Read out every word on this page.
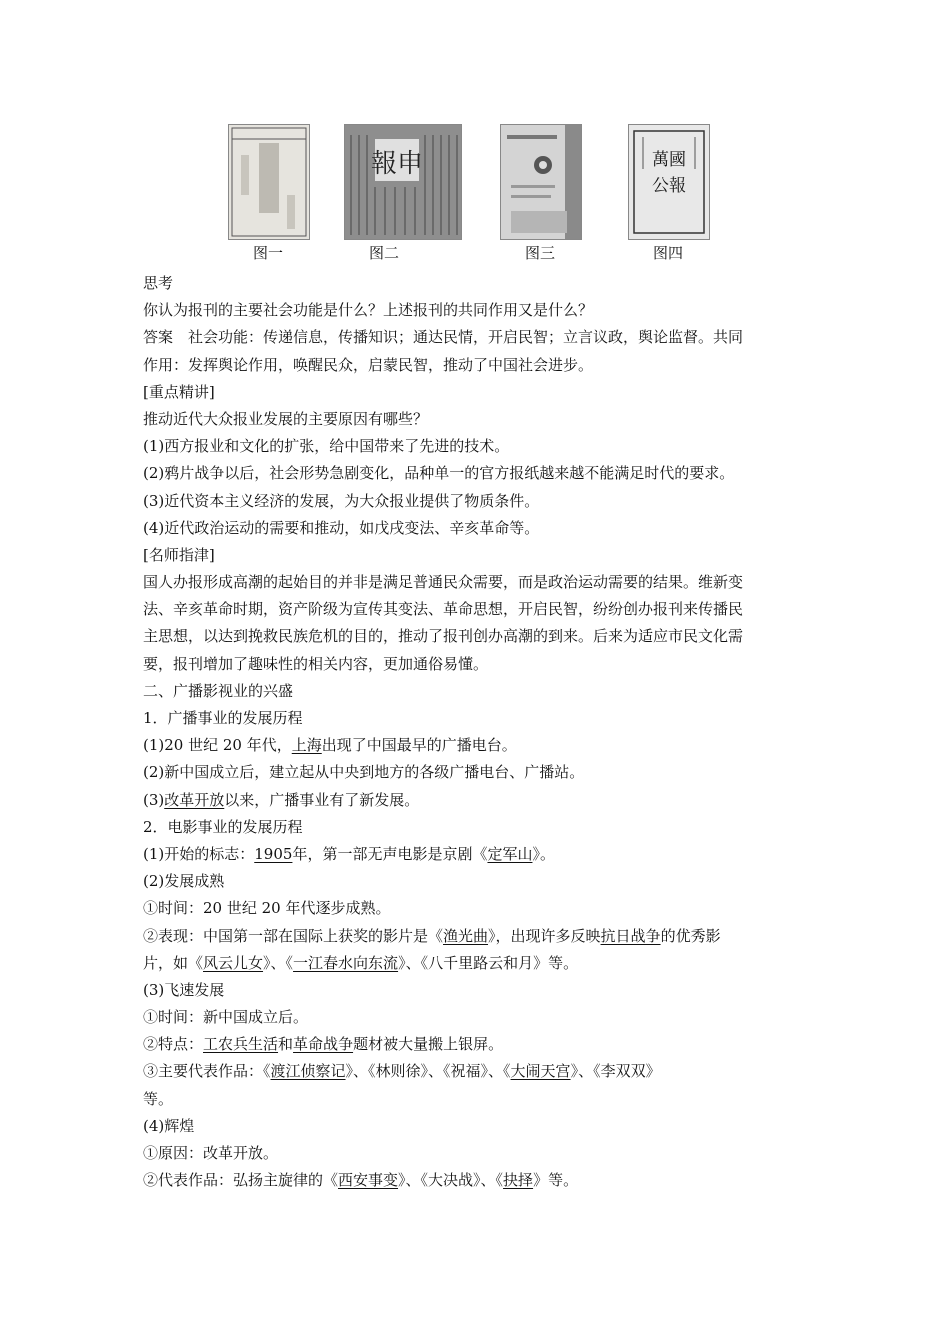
图一
報申
图二	图三
萬國
公報
图四
思考
你认为报刊的主要社会功能是什么？上述报刊的共同作用又是什么？
答案　社会功能：传递信息，传播知识；通达民情，开启民智；立言议政，舆论监督。共同
作用：发挥舆论作用，唤醒民众，启蒙民智，推动了中国社会进步。
[重点精讲]
推动近代大众报业发展的主要原因有哪些？
(1)西方报业和文化的扩张，给中国带来了先进的技术。
(2)鸦片战争以后，社会形势急剧变化，品种单一的官方报纸越来越不能满足时代的要求。
(3)近代资本主义经济的发展，为大众报业提供了物质条件。
(4)近代政治运动的需要和推动，如戊戌变法、辛亥革命等。
[名师指津]
国人办报形成高潮的起始目的并非是满足普通民众需要，而是政治运动需要的结果。维新变
法、辛亥革命时期，资产阶级为宣传其变法、革命思想，开启民智，纷纷创办报刊来传播民
主思想，以达到挽救民族危机的目的，推动了报刊创办高潮的到来。后来为适应市民文化需
要，报刊增加了趣味性的相关内容，更加通俗易懂。
二、广播影视业的兴盛
1．广播事业的发展历程
(1)20 世纪 20 年代，上海出现了中国最早的广播电台。
(2)新中国成立后，建立起从中央到地方的各级广播电台、广播站。
(3)改革开放以来，广播事业有了新发展。
2．电影事业的发展历程
(1)开始的标志：1905年，第一部无声电影是京剧《定军山》。
(2)发展成熟
①时间：20 世纪 20 年代逐步成熟。
②表现：中国第一部在国际上获奖的影片是《渔光曲》，出现许多反映抗日战争的优秀影
片，如《风云儿女》、《一江春水向东流》、《八千里路云和月》等。
(3)飞速发展
①时间：新中国成立后。
②特点：工农兵生活和革命战争题材被大量搬上银屏。
③主要代表作品：《渡江侦察记》、《林则徐》、《祝福》、《大闹天宫》、《李双双》
等。
(4)辉煌
①原因：改革开放。
②代表作品：弘扬主旋律的《西安事变》、《大决战》、《抉择》等。
